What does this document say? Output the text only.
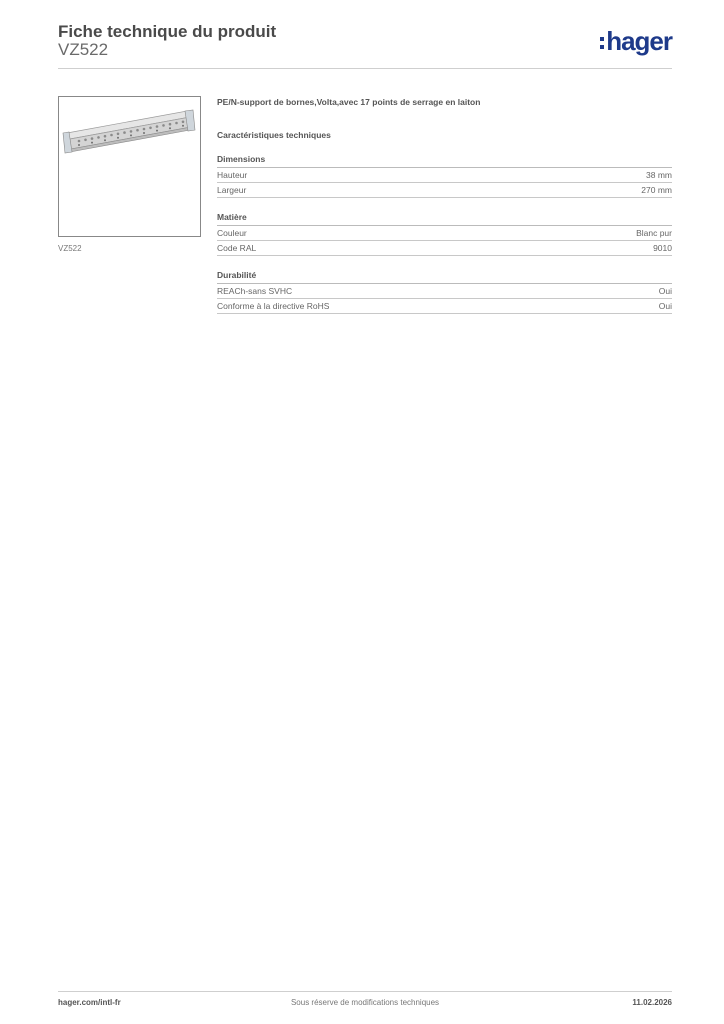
Fiche technique du produit
VZ522	hager
VZ522
PE/N-support de bornes,Volta,avec 17 points de serrage en laiton
Caractéristiques techniques
Dimensions
Hauteur	38 mm
Largeur	270 mm
Matière
Couleur	Blanc pur
Code RAL	9010
Durabilité
REACh-sans SVHC	Oui
Conforme à la directive RoHS	Oui
hager.com/intl-fr	Sous réserve de modifications techniques	11.02.2026
